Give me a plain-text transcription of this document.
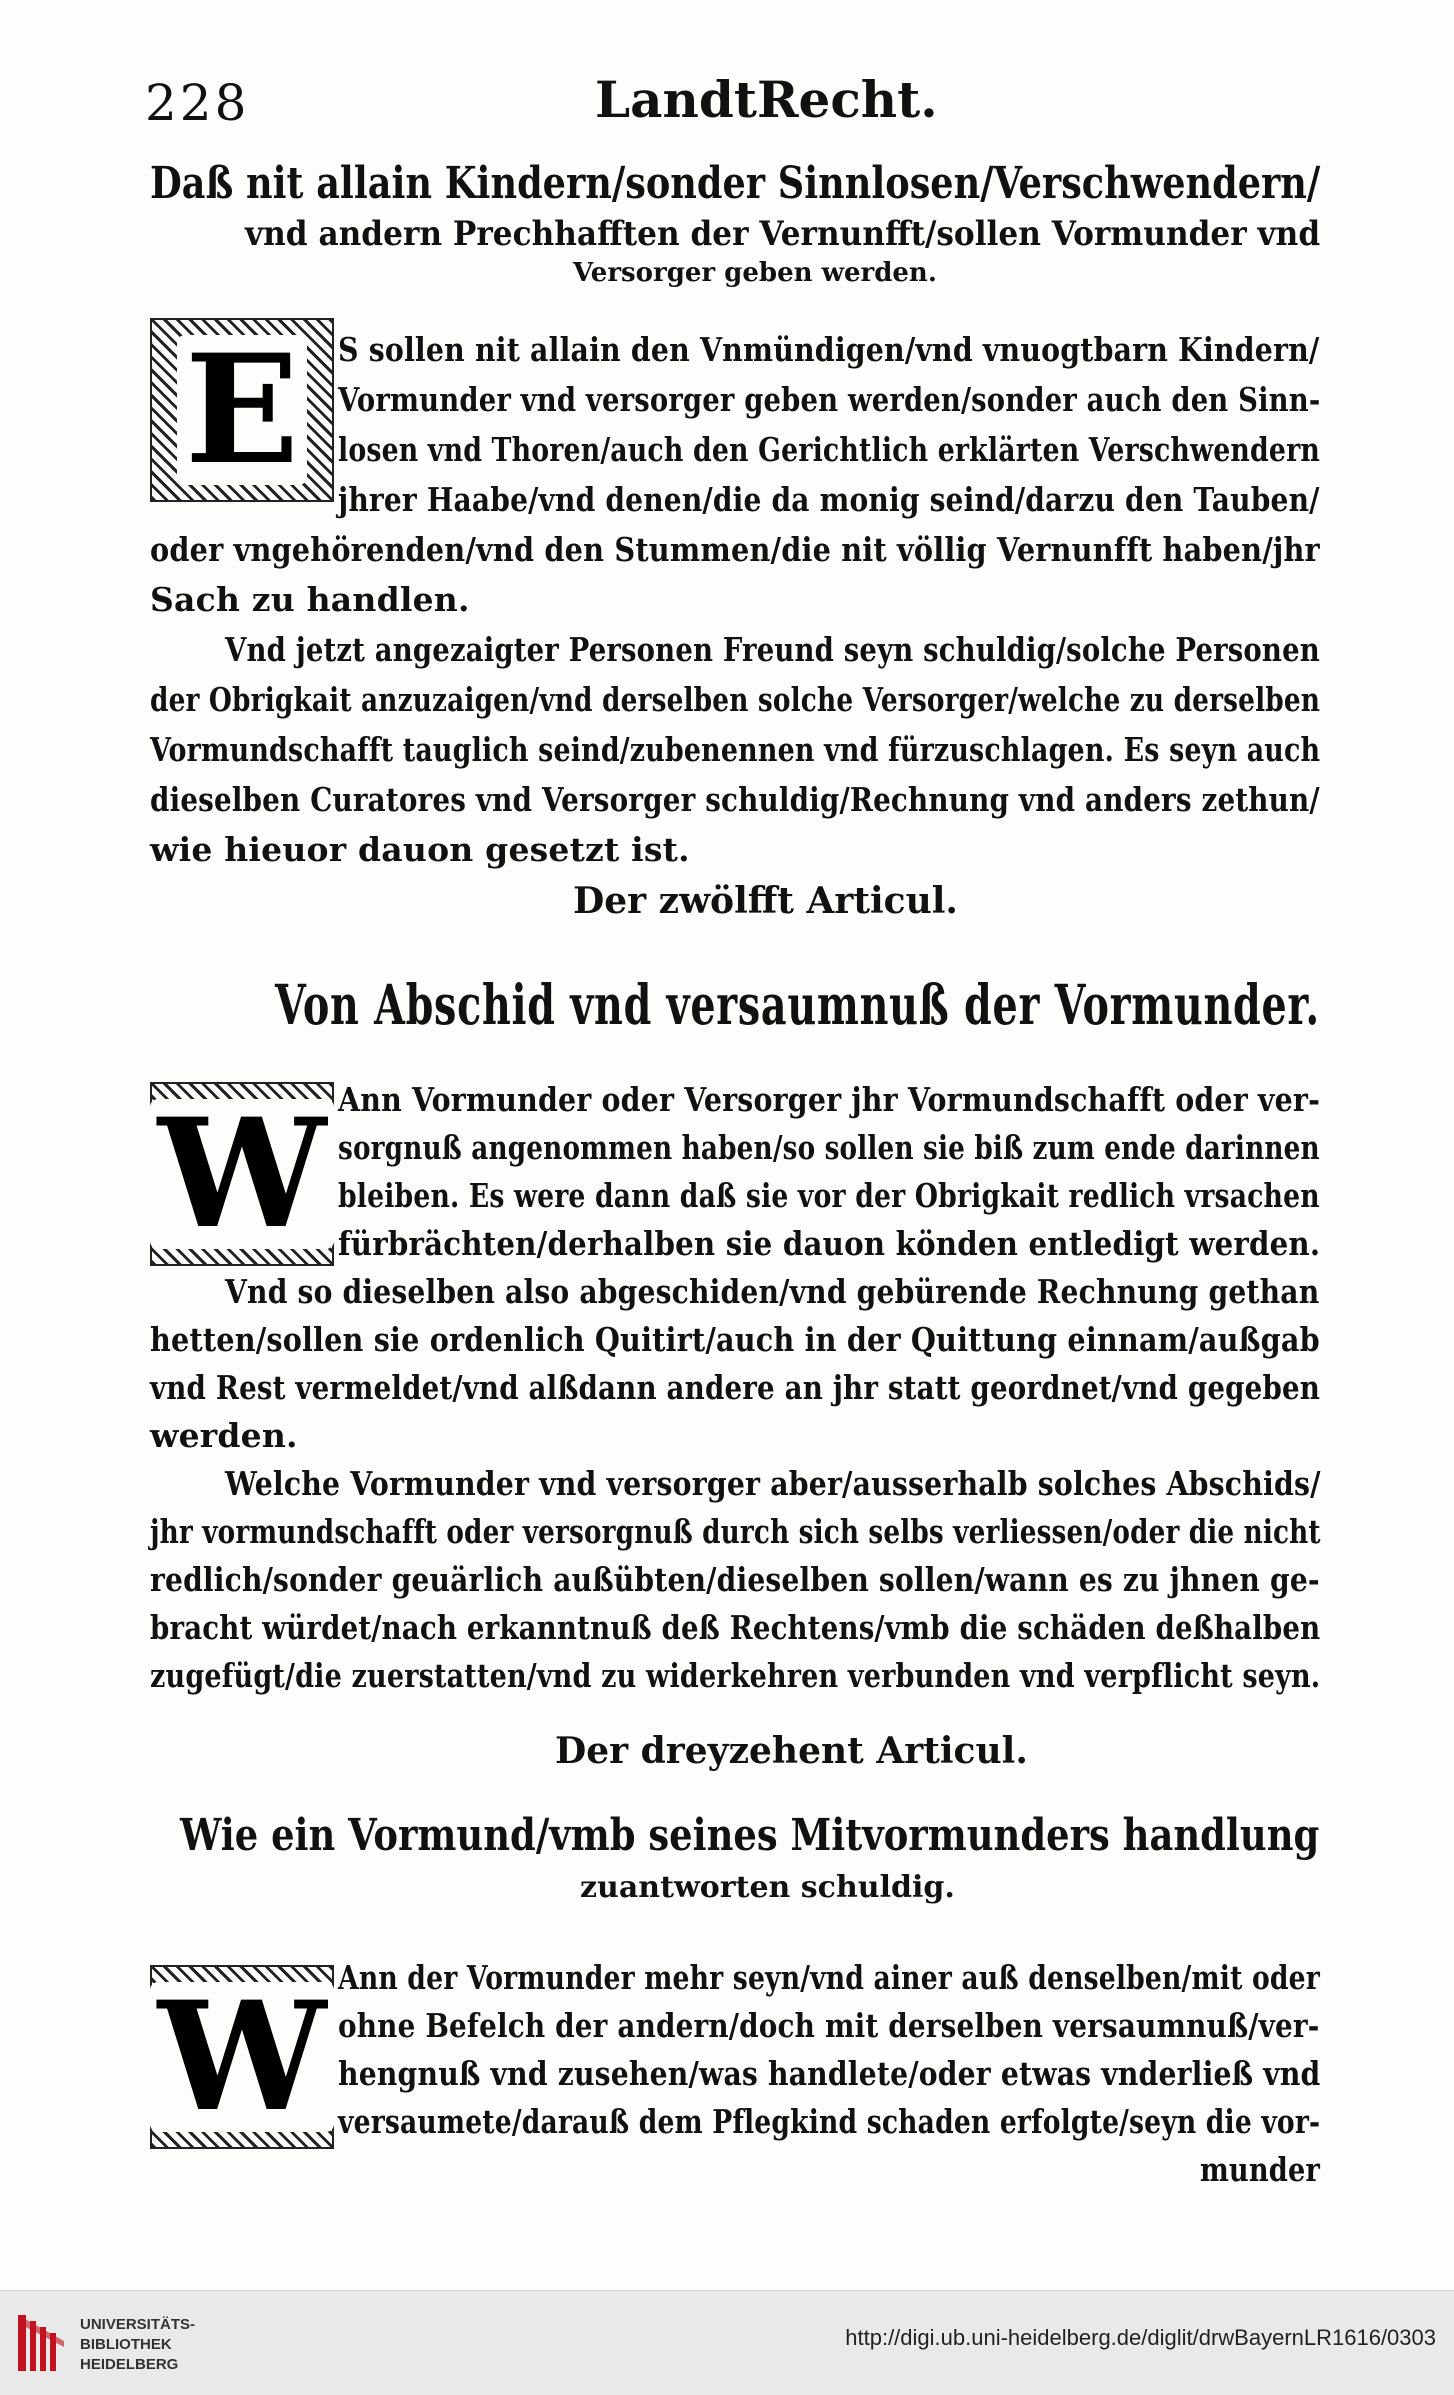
228	LandtRecht.
Daß nit allain Kindern/sonder Sinnlosen/Verschwendern/
vnd andern Prechhafften der Vernunfft/sollen Vormunder vnd
Versorger geben werden.
E S sollen nit allain den Vnmündigen/vnd vnuogtbarn Kindern/
Vormunder vnd versorger geben werden/sonder auch den Sinn-
losen vnd Thoren/auch den Gerichtlich erklärten Verschwendern
jhrer Haabe/vnd denen/die da monig seind/darzu den Tauben/
oder vngehörenden/vnd den Stummen/die nit völlig Vernunfft haben/jhr
Sach zu handlen.
Vnd jetzt angezaigter Personen Freund seyn schuldig/solche Personen
der Obrigkait anzuzaigen/vnd derselben solche Versorger/welche zu derselben
Vormundschafft tauglich seind/zubenennen vnd fürzuschlagen. Es seyn auch
dieselben Curatores vnd Versorger schuldig/Rechnung vnd anders zethun/
wie hieuor dauon gesetzt ist.
Der zwölfft Articul.
Von Abschid vnd versaumnuß der Vormunder.
W Ann Vormunder oder Versorger jhr Vormundschafft oder ver-
sorgnuß angenommen haben/so sollen sie biß zum ende darinnen
bleiben. Es were dann daß sie vor der Obrigkait redlich vrsachen
fürbrächten/derhalben sie dauon könden entledigt werden.
Vnd so dieselben also abgeschiden/vnd gebürende Rechnung gethan
hetten/sollen sie ordenlich Quitirt/auch in der Quittung einnam/außgab
vnd Rest vermeldet/vnd alßdann andere an jhr statt geordnet/vnd gegeben
werden.
Welche Vormunder vnd versorger aber/ausserhalb solches Abschids/
jhr vormundschafft oder versorgnuß durch sich selbs verliessen/oder die nicht
redlich/sonder geuärlich außübten/dieselben sollen/wann es zu jhnen ge-
bracht würdet/nach erkanntnuß deß Rechtens/vmb die schäden deßhalben
zugefügt/die zuerstatten/vnd zu widerkehren verbunden vnd verpflicht seyn.
Der dreyzehent Articul.
Wie ein Vormund/vmb seines Mitvormunders handlung
zuantworten schuldig.
W Ann der Vormunder mehr seyn/vnd ainer auß denselben/mit oder
ohne Befelch der andern/doch mit derselben versaumnuß/ver-
hengnuß vnd zusehen/was handlete/oder etwas vnderließ vnd
versaumete/darauß dem Pflegkind schaden erfolgte/seyn die vor-
munder
UNIVERSITÄTS-
BIBLIOTHEK
HEIDELBERG
http://digi.ub.uni-heidelberg.de/diglit/drwBayernLR1616/0303
